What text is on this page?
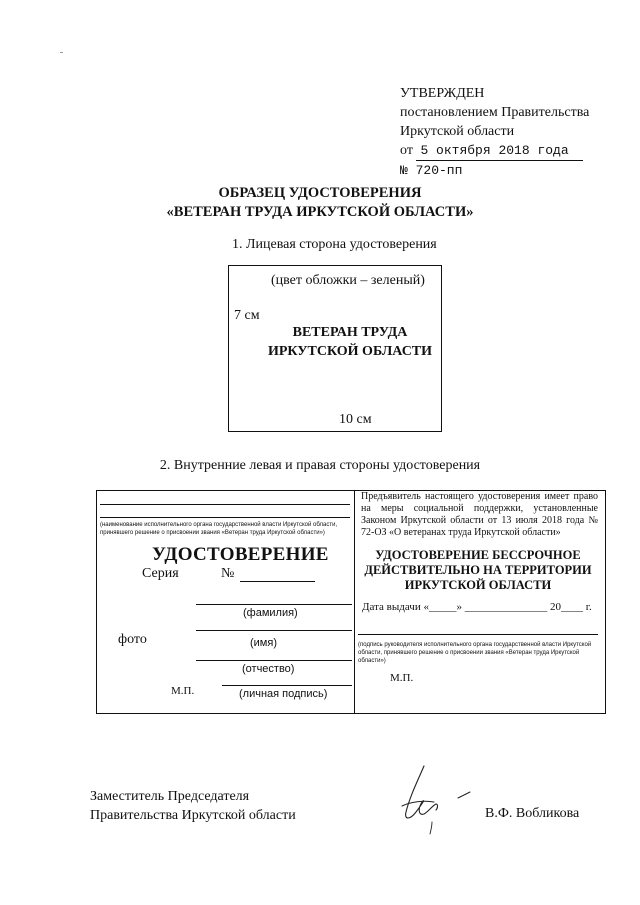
УТВЕРЖДЕН
постановлением Правительства
Иркутской области
от 5 октября 2018 года
№ 720-пп
ОБРАЗЕЦ УДОСТОВЕРЕНИЯ
«ВЕТЕРАН ТРУДА ИРКУТСКОЙ ОБЛАСТИ»
1. Лицевая сторона удостоверения
(цвет обложки – зеленый)
7 см
ВЕТЕРАН ТРУДА
ИРКУТСКОЙ ОБЛАСТИ
10 см
2. Внутренние левая и правая стороны удостоверения
(наименование исполнительного органа государственной власти Иркутской области, принявшего решение о присвоении звания «Ветеран труда Иркутской области»)
УДОСТОВЕРЕНИЕ
Серия	№
(фамилия)
фото	(имя)
(отчество)
М.П.	(личная подпись)
Предъявитель настоящего удостоверения имеет право на меры социальной поддержки, установленные Законом Иркутской области от 13 июля 2018 года № 72-ОЗ «О ветеранах труда Иркутской области»
УДОСТОВЕРЕНИЕ БЕССРОЧНОЕ
ДЕЙСТВИТЕЛЬНО НА ТЕРРИТОРИИ
ИРКУТСКОЙ ОБЛАСТИ
Дата выдачи «_____» _______________ 20____ г.
(подпись руководителя исполнительного органа государственной власти Иркутской области, принявшего решение о присвоении звания «Ветеран труда Иркутской области»)
М.П.
Заместитель Председателя
Правительства Иркутской области	В.Ф. Вобликова
